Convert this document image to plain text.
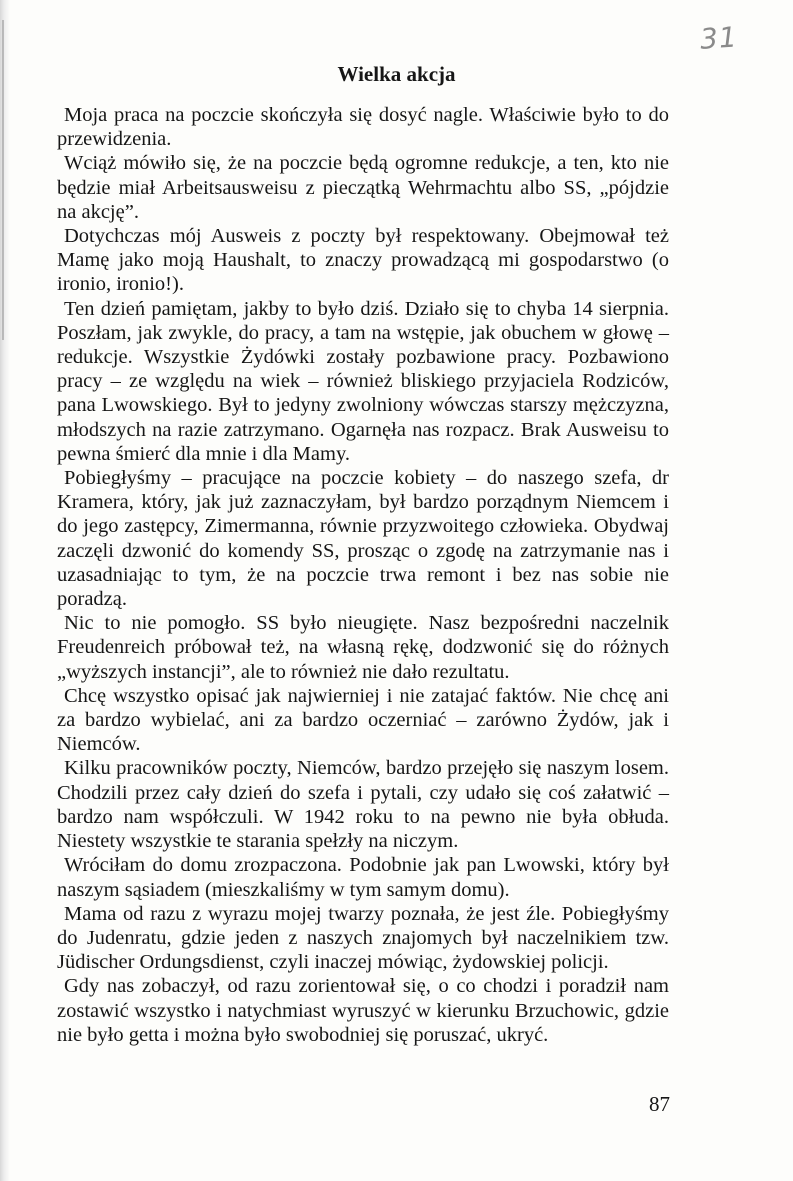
31
Wielka akcja

Moja praca na poczcie skończyła się dosyć nagle. Właściwie było to do przewidzenia.

Wciąż mówiło się, że na poczcie będą ogromne redukcje, a ten, kto nie będzie miał Arbeitsausweisu z pieczątką Wehrmachtu albo SS, „pójdzie na akcję”.

Dotychczas mój Ausweis z poczty był respektowany. Obejmował też Mamę jako moją Haushalt, to znaczy prowadzącą mi gospodarstwo (o ironio, ironio!).

Ten dzień pamiętam, jakby to było dziś. Działo się to chyba 14 sierpnia. Poszłam, jak zwykle, do pracy, a tam na wstępie, jak obuchem w głowę – redukcje. Wszystkie Żydówki zostały pozbawione pracy. Pozbawiono pracy – ze względu na wiek – również bliskiego przyjaciela Rodziców, pana Lwowskiego. Był to jedyny zwolniony wówczas starszy mężczyzna, młodszych na razie zatrzymano. Ogarnęła nas rozpacz. Brak Ausweisu to pewna śmierć dla mnie i dla Mamy.

Pobiegłyśmy – pracujące na poczcie kobiety – do naszego szefa, dr Kramera, który, jak już zaznaczyłam, był bardzo porządnym Niemcem i do jego zastępcy, Zimermanna, równie przyzwoitego człowieka. Obydwaj zaczęli dzwonić do komendy SS, prosząc o zgodę na zatrzymanie nas i uzasadniając to tym, że na poczcie trwa remont i bez nas sobie nie poradzą.

Nic to nie pomogło. SS było nieugięte. Nasz bezpośredni naczelnik Freudenreich próbował też, na własną rękę, dodzwonić się do różnych „wyższych instancji”, ale to również nie dało rezultatu.

Chcę wszystko opisać jak najwierniej i nie zatajać faktów. Nie chcę ani za bardzo wybielać, ani za bardzo oczerniać – zarówno Żydów, jak i Niemców.

Kilku pracowników poczty, Niemców, bardzo przejęło się naszym losem. Chodzili przez cały dzień do szefa i pytali, czy udało się coś załatwić – bardzo nam współczuli. W 1942 roku to na pewno nie była obłuda. Niestety wszystkie te starania spełzły na niczym.

Wróciłam do domu zrozpaczona. Podobnie jak pan Lwowski, który był naszym sąsiadem (mieszkaliśmy w tym samym domu).

Mama od razu z wyrazu mojej twarzy poznała, że jest źle. Pobiegłyśmy do Judenratu, gdzie jeden z naszych znajomych był naczelnikiem tzw. Jüdischer Ordungsdienst, czyli inaczej mówiąc, żydowskiej policji.

Gdy nas zobaczył, od razu zorientował się, o co chodzi i poradził nam zostawić wszystko i natychmiast wyruszyć w kierunku Brzuchowic, gdzie nie było getta i można było swobodniej się poruszać, ukryć.

87
